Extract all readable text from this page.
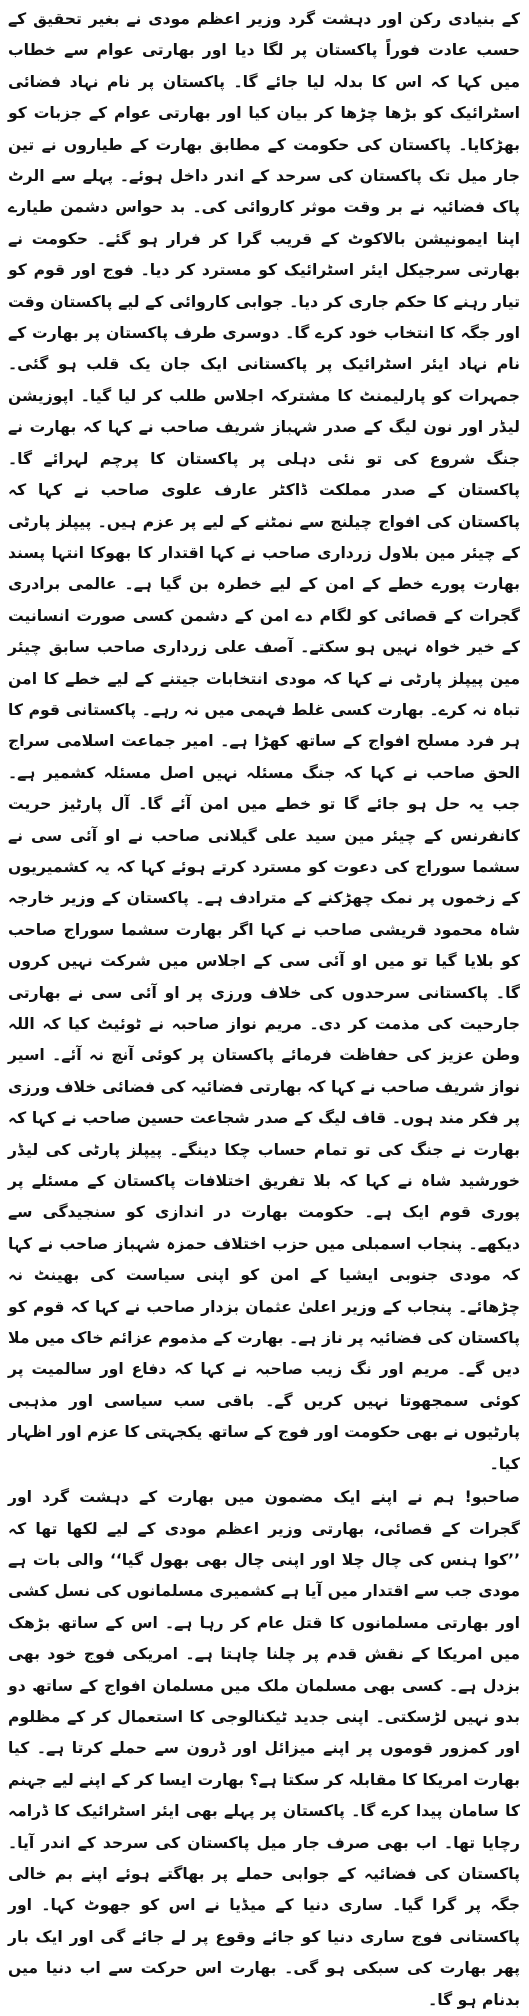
کے بنیادی رکن اور دہشت گرد وزیر اعظم مودی نے بغیر تحقیق کے حسب عادت فوراً پاکستان پر لگا دیا اور بھارتی عوام سے خطاب میں کہا کہ اس کا بدلہ لیا جائے گا۔ پاکستان پر نام نہاد فضائی اسٹرائیک کو بڑھا چڑھا کر بیان کیا اور بھارتی عوام کے جزبات کو بھڑکایا۔ پاکستان کی حکومت کے مطابق بھارت کے طیاروں نے تین جار میل تک پاکستان کی سرحد کے اندر داخل ہوئے۔ پہلے سے الرٹ پاک فضائیہ نے بر وقت موثر کاروائی کی۔ بد حواس دشمن طیارے اپنا ایمونیشن بالاکوٹ کے قریب گرا کر فرار ہو گئے۔ حکومت نے بھارتی سرجیکل ایئر اسٹرائیک کو مسترد کر دیا۔ فوج اور قوم کو تیار رہنے کا حکم جاری کر دیا۔ جوابی کاروائی کے لیے پاکستان وقت اور جگہ کا انتخاب خود کرے گا۔ دوسری طرف پاکستان پر بھارت کے نام نہاد ایئر اسٹرائیک پر پاکستانی ایک جان یک قلب ہو گئی۔ جمہرات کو پارلیمنٹ کا مشترکہ اجلاس طلب کر لیا گیا۔ اپوزیشن لیڈر اور نون لیگ کے صدر شہباز شریف صاحب نے کہا کہ بھارت نے جنگ شروع کی تو نئی دہلی پر پاکستان کا پرچم لہرائے گا۔ پاکستان کے صدر مملکت ڈاکٹر عارف علوی صاحب نے کہا کہ پاکستان کی افواج چیلنج سے نمٹنے کے لیے پر عزم ہیں۔ پیپلز پارٹی کے چیئر مین بلاول زرداری صاحب نے کہا اقتدار کا بھوکا انتہا پسند بھارت پورے خطے کے امن کے لیے خطرہ بن گیا ہے۔ عالمی برادری گجرات کے قصائی کو لگام دے امن کے دشمن کسی صورت انسانیت کے خیر خواہ نہیں ہو سکتے۔ آصف علی زرداری صاحب سابق چیئر مین پیپلز پارٹی نے کہا کہ مودی انتخابات جیتنے کے لیے خطے کا امن تباہ نہ کرے۔ بھارت کسی غلط فہمی میں نہ رہے۔ پاکستانی قوم کا ہر فرد مسلح افواج کے ساتھ کھڑا ہے۔ امیر جماعت اسلامی سراج الحق صاحب نے کہا کہ جنگ مسئلہ نہیں اصل مسئلہ کشمیر ہے۔ جب یہ حل ہو جائے گا تو خطے میں امن آئے گا۔ آل پارٹیز حریت کانفرنس کے چیئر مین سید علی گیلانی صاحب نے او آئی سی نے سشما سوراج کی دعوت کو مسترد کرتے ہوئے کہا کہ یہ کشمیریوں کے زخموں پر نمک چھڑکنے کے مترادف ہے۔ پاکستان کے وزیر خارجہ شاہ محمود قریشی صاحب نے کہا اگر بھارت سشما سوراج صاحب کو بلایا گیا تو میں او آئی سی کے اجلاس میں شرکت نہیں کروں گا۔ پاکستانی سرحدوں کی خلاف ورزی پر او آئی سی نے بھارتی جارحیت کی مذمت کر دی۔ مریم نواز صاحبہ نے ٹوئیٹ کیا کہ اللہ وطن عزیز کی حفاظت فرمائے پاکستان پر کوئی آنچ نہ آئے۔ اسیر نواز شریف صاحب نے کہا کہ بھارتی فضائیہ کی فضائی خلاف ورزی پر فکر مند ہوں۔ قاف لیگ کے صدر شجاعت حسین صاحب نے کہا کہ بھارت نے جنگ کی تو تمام حساب چکا دینگے۔ پیپلز پارٹی کی لیڈر خورشید شاہ نے کہا کہ بلا تفریق اختلافات پاکستان کے مسئلے پر پوری قوم ایک ہے۔ حکومت بھارت در اندازی کو سنجیدگی سے دیکھے۔ پنجاب اسمبلی میں حزب اختلاف حمزہ شہباز صاحب نے کہا کہ مودی جنوبی ایشیا کے امن کو اپنی سیاست کی بھینٹ نہ چڑھائے۔ پنجاب کے وزیر اعلیٰ عثمان بزدار صاحب نے کہا کہ قوم کو پاکستان کی فضائیہ پر ناز ہے۔ بھارت کے مذموم عزائم خاک میں ملا دیں گے۔ مریم اور نگ زیب صاحبہ نے کہا کہ دفاع اور سالمیت پر کوئی سمجھوتا نہیں کریں گے۔ باقی سب سیاسی اور مذہبی پارٹیوں نے بھی حکومت اور فوج کے ساتھ یکجہتی کا عزم اور اظہار کیا۔

صاحبو! ہم نے اپنے ایک مضمون میں بھارت کے دہشت گرد اور گجرات کے قصائی، بھارتی وزیر اعظم مودی کے لیے لکھا تھا کہ ’’کوا ہنس کی چال چلا اور اپنی چال بھی بھول گیا‘‘ والی بات ہے مودی جب سے اقتدار میں آیا ہے کشمیری مسلمانوں کی نسل کشی اور بھارتی مسلمانوں کا قتل عام کر رہا ہے۔ اس کے ساتھ بڑھک میں امریکا کے نقش قدم پر چلنا چاہتا ہے۔ امریکی فوج خود بھی بزدل ہے۔ کسی بھی مسلمان ملک میں مسلمان افواج کے ساتھ دو بدو نہیں لڑسکتی۔ اپنی جدید ٹیکنالوجی کا استعمال کر کے مظلوم اور کمزور قوموں پر اپنے میزائل اور ڈرون سے حملے کرتا ہے۔ کیا بھارت امریکا کا مقابلہ کر سکتا ہے؟ بھارت ایسا کر کے اپنے لیے جہنم کا سامان پیدا کرے گا۔ پاکستان پر پہلے بھی ایئر اسٹرائیک کا ڈرامہ رچایا تھا۔ اب بھی صرف جار میل پاکستان کی سرحد کے اندر آیا۔ پاکستان کی فضائیہ کے جوابی حملے پر بھاگتے ہوئے اپنے بم خالی جگہ پر گرا گیا۔ ساری دنیا کے میڈیا نے اس کو جھوٹ کہا۔ اور پاکستانی فوج ساری دنیا کو جائے وقوع پر لے جائے گی اور ایک بار پھر بھارت کی سبکی ہو گی۔ بھارت اس حرکت سے اب دنیا میں بدنام ہو گا۔
